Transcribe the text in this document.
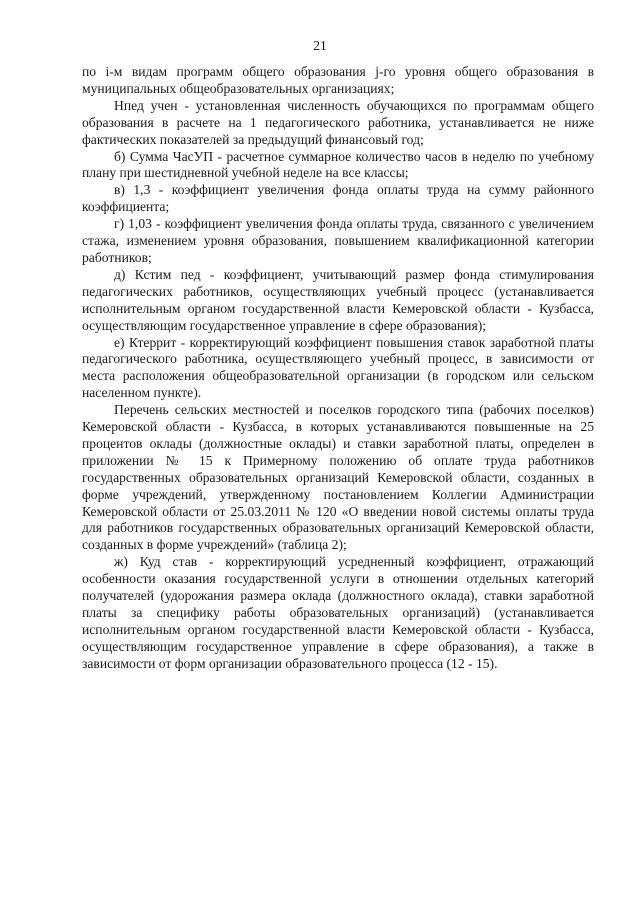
21

по i-м видам программ общего образования j-го уровня общего образования в муниципальных общеобразовательных организациях;

Нпед учен - установленная численность обучающихся по программам общего образования в расчете на 1 педагогического работника, устанавливается не ниже фактических показателей за предыдущий финансовый год;

б) Сумма ЧасУП - расчетное суммарное количество часов в неделю по учебному плану при шестидневной учебной неделе на все классы;

в) 1,3 - коэффициент увеличения фонда оплаты труда на сумму районного коэффициента;

г) 1,03 - коэффициент увеличения фонда оплаты труда, связанного с увеличением стажа, изменением уровня образования, повышением квалификационной категории работников;

д) Кстим пед - коэффициент, учитывающий размер фонда стимулирования педагогических работников, осуществляющих учебный процесс (устанавливается исполнительным органом государственной власти Кемеровской области - Кузбасса, осуществляющим государственное управление в сфере образования);

е) Ктеррит - корректирующий коэффициент повышения ставок заработной платы педагогического работника, осуществляющего учебный процесс, в зависимости от места расположения общеобразовательной организации (в городском или сельском населенном пункте).

Перечень сельских местностей и поселков городского типа (рабочих поселков) Кемеровской области - Кузбасса, в которых устанавливаются повышенные на 25 процентов оклады (должностные оклады) и ставки заработной платы, определен в приложении № 15 к Примерному положению об оплате труда работников государственных образовательных организаций Кемеровской области, созданных в форме учреждений, утвержденному постановлением Коллегии Администрации Кемеровской области от 25.03.2011 № 120 «О введении новой системы оплаты труда для работников государственных образовательных организаций Кемеровской области, созданных в форме учреждений» (таблица 2);

ж) Куд став - корректирующий усредненный коэффициент, отражающий особенности оказания государственной услуги в отношении отдельных категорий получателей (удорожания размера оклада (должностного оклада), ставки заработной платы за специфику работы образовательных организаций) (устанавливается исполнительным органом государственной власти Кемеровской области - Кузбасса, осуществляющим государственное управление в сфере образования), а также в зависимости от форм организации образовательного процесса (12 - 15).
